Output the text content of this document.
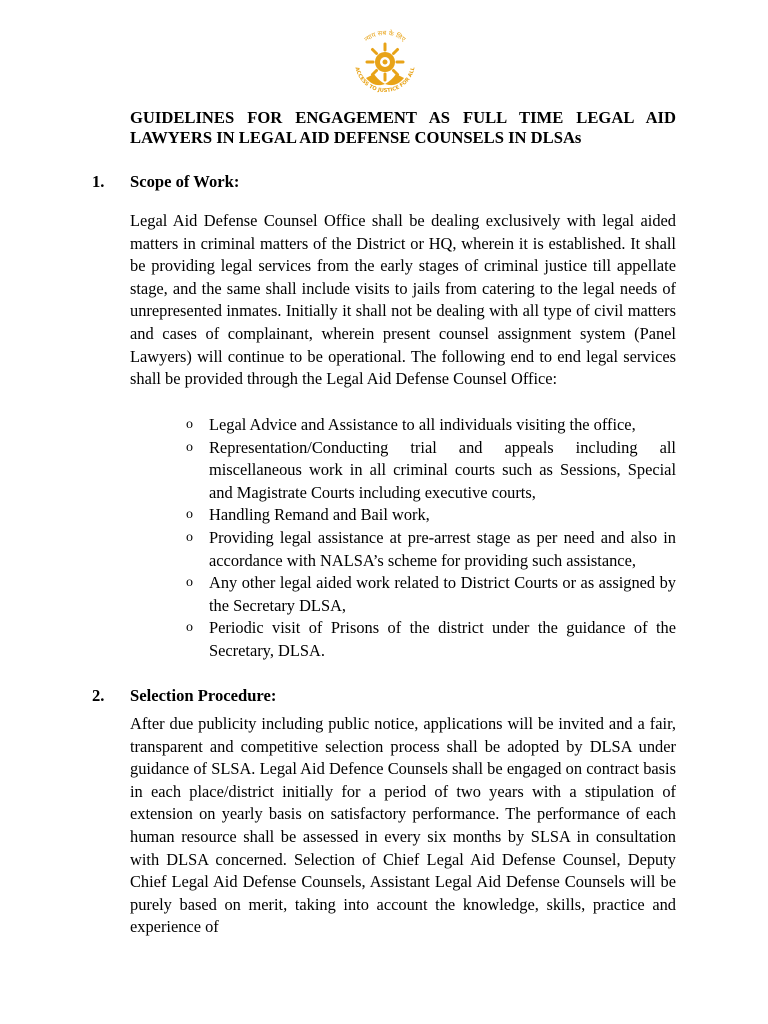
न्याय सब के लिए
ACCESS TO JUSTICE FOR ALL
GUIDELINES FOR ENGAGEMENT AS FULL TIME LEGAL AID
LAWYERS IN LEGAL AID DEFENSE COUNSELS IN DLSAs
1. Scope of Work:

Legal Aid Defense Counsel Office shall be dealing exclusively with legal aided matters in criminal matters of the District or HQ, wherein it is established. It shall be providing legal services from the early stages of criminal justice till appellate stage, and the same shall include visits to jails from catering to the legal needs of unrepresented inmates. Initially it shall not be dealing with all type of civil matters and cases of complainant, wherein present counsel assignment system (Panel Lawyers) will continue to be operational. The following end to end legal services shall be provided through the Legal Aid Defense Counsel Office:

o Legal Advice and Assistance to all individuals visiting the office,
o Representation/Conducting trial and appeals including all miscellaneous work in all criminal courts such as Sessions, Special and Magistrate Courts including executive courts,
o Handling Remand and Bail work,
o Providing legal assistance at pre-arrest stage as per need and also in accordance with NALSA’s scheme for providing such assistance,
o Any other legal aided work related to District Courts or as assigned by the Secretary DLSA,
o Periodic visit of Prisons of the district under the guidance of the Secretary, DLSA.
2. Selection Procedure:

After due publicity including public notice, applications will be invited and a fair, transparent and competitive selection process shall be adopted by DLSA under guidance of SLSA. Legal Aid Defence Counsels shall be engaged on contract basis in each place/district initially for a period of two years with a stipulation of extension on yearly basis on satisfactory performance. The performance of each human resource shall be assessed in every six months by SLSA in consultation with DLSA concerned. Selection of Chief Legal Aid Defense Counsel, Deputy Chief Legal Aid Defense Counsels, Assistant Legal Aid Defense Counsels will be purely based on merit, taking into account the knowledge, skills, practice and experience of
